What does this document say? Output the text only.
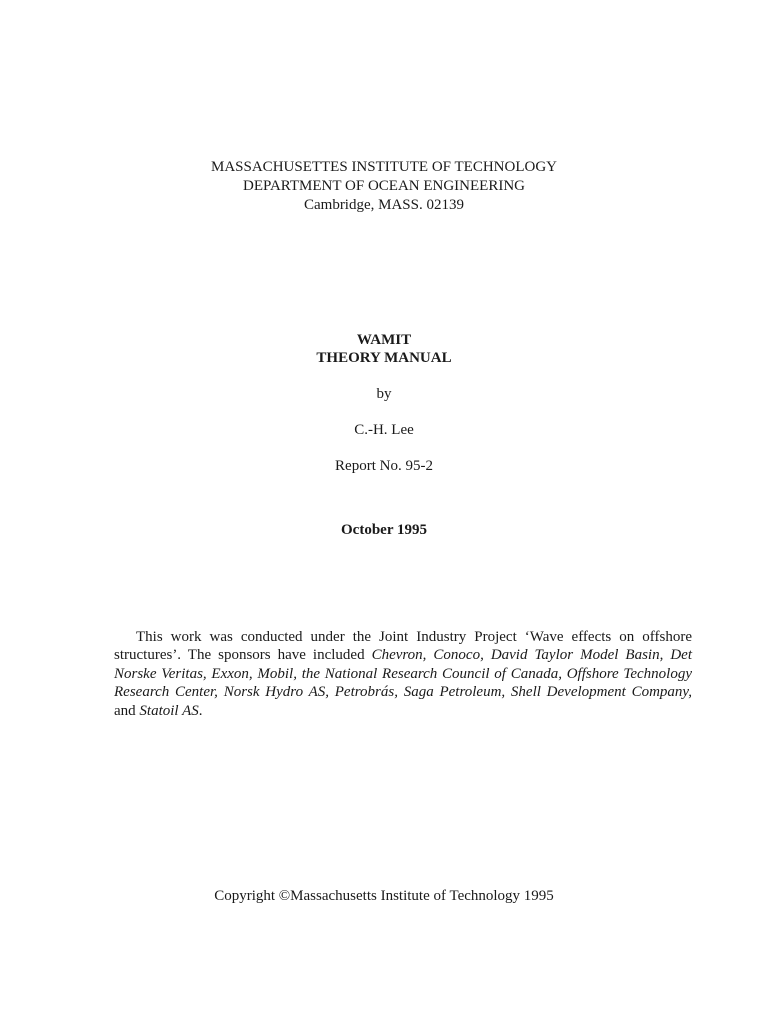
MASSACHUSETTES INSTITUTE OF TECHNOLOGY
DEPARTMENT OF OCEAN ENGINEERING
Cambridge, MASS. 02139
WAMIT
THEORY MANUAL
by
C.-H. Lee
Report No. 95-2
October 1995
This work was conducted under the Joint Industry Project ‘Wave effects on offshore structures’. The sponsors have included Chevron, Conoco, David Taylor Model Basin, Det Norske Veritas, Exxon, Mobil, the National Research Council of Canada, Offshore Technology Research Center, Norsk Hydro AS, Petrobrás, Saga Petroleum, Shell Development Company, and Statoil AS.
Copyright ©Massachusetts Institute of Technology 1995
